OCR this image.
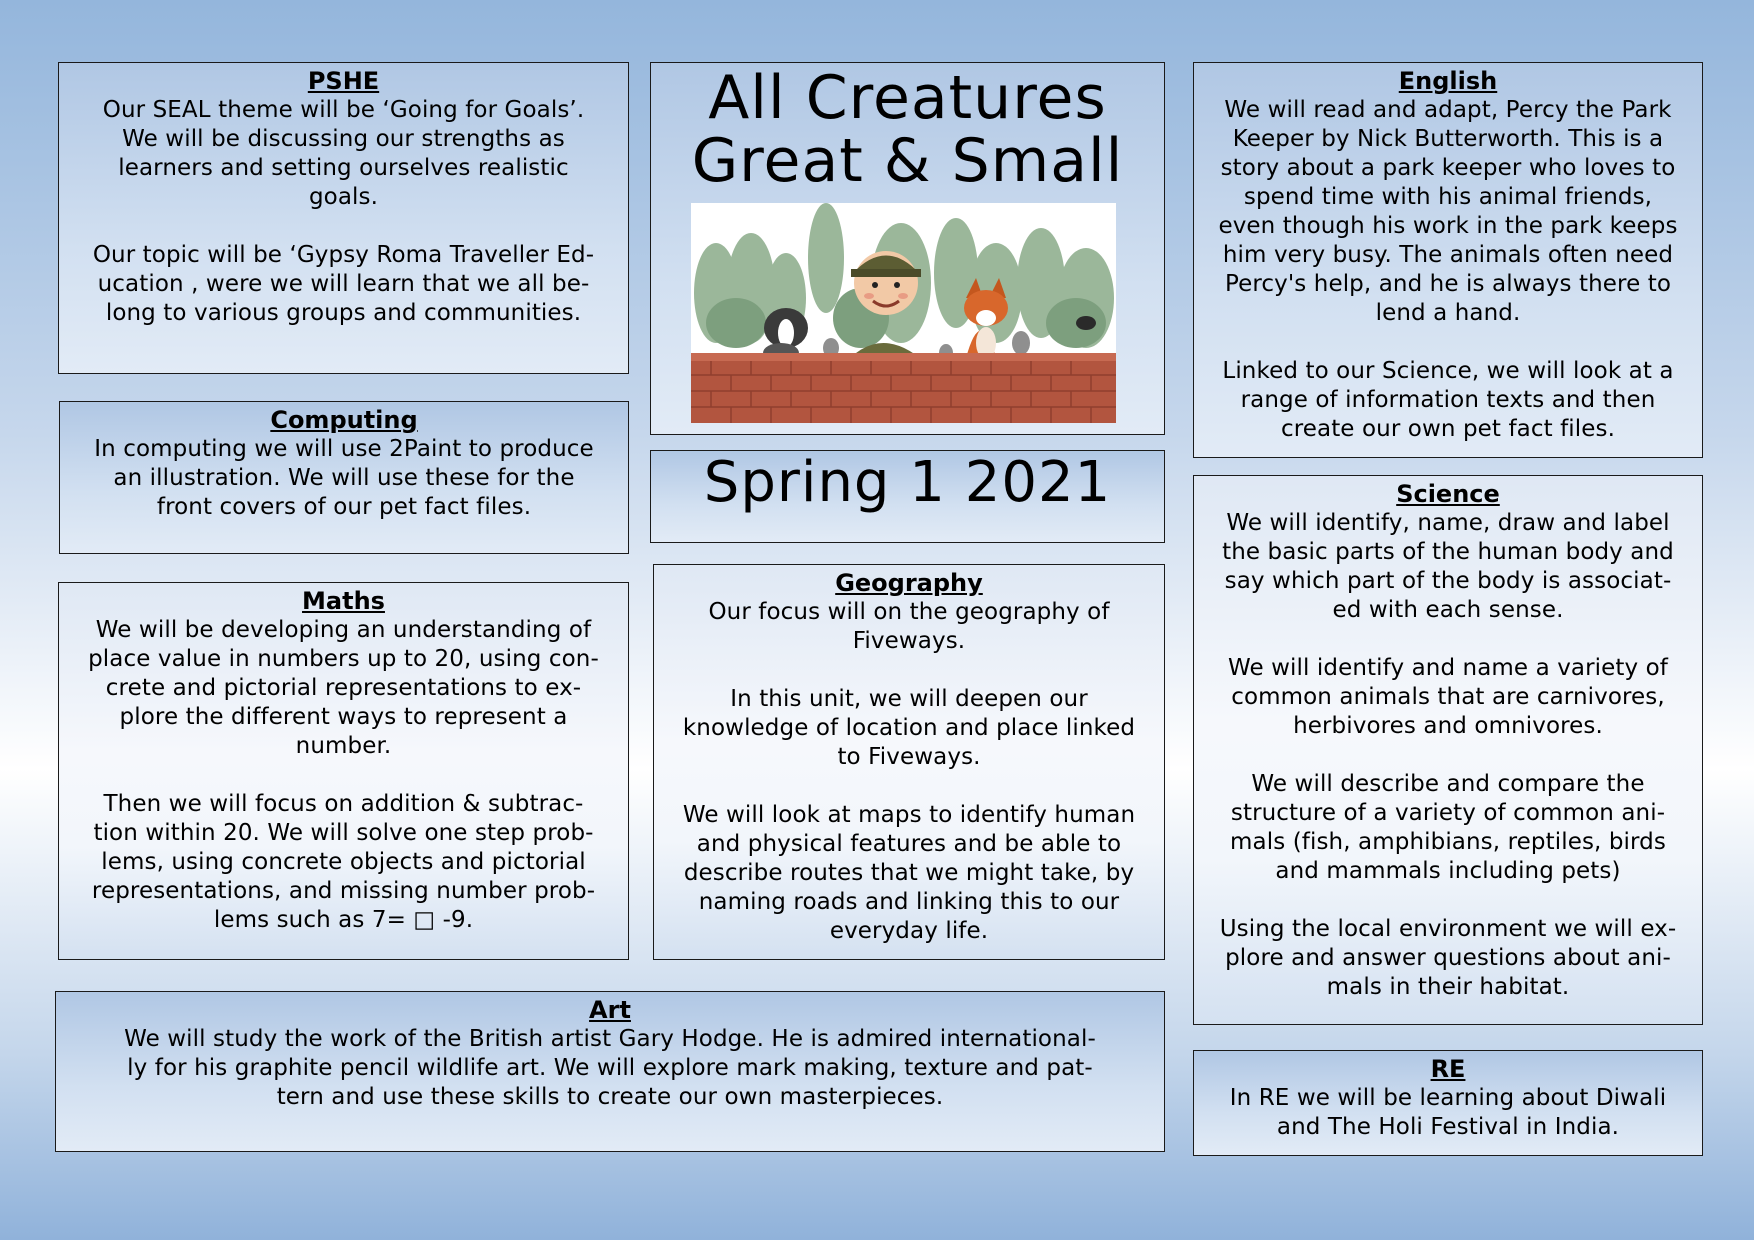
PSHE
Our SEAL theme will be ‘Going for Goals’.
We will be discussing our strengths as
learners and setting ourselves realistic
goals.

Our topic will be ‘Gypsy Roma Traveller Ed-
ucation , were we will learn that we all be-
long to various groups and communities.
Computing
In computing we will use 2Paint to produce
an illustration. We will use these for the
front covers of our pet fact files.
Maths
We will be developing an understanding of
place value in numbers up to 20, using con-
crete and pictorial representations to ex-
plore the different ways to represent a
number.

Then we will focus on addition & subtrac-
tion within 20. We will solve one step prob-
lems, using concrete objects and pictorial
representations, and missing number prob-
lems such as 7= □ -9.
All Creatures
Great & Small
Spring 1 2021
Geography
Our focus will on the geography of
Fiveways.

In this unit, we will deepen our
knowledge of location and place linked
to Fiveways.

We will look at maps to identify human
and physical features and be able to
describe routes that we might take, by
naming roads and linking this to our
everyday life.
Art
We will study the work of the British artist Gary Hodge. He is admired international-
ly for his graphite pencil wildlife art. We will explore mark making, texture and pat-
tern and use these skills to create our own masterpieces.
English
We will read and adapt, Percy the Park
Keeper by Nick Butterworth. This is a
story about a park keeper who loves to
spend time with his animal friends,
even though his work in the park keeps
him very busy. The animals often need
Percy's help, and he is always there to
lend a hand.

Linked to our Science, we will look at a
range of information texts and then
create our own pet fact files.
Science
We will identify, name, draw and label
the basic parts of the human body and
say which part of the body is associat-
ed with each sense.

We will identify and name a variety of
common animals that are carnivores,
herbivores and omnivores.

We will describe and compare the
structure of a variety of common ani-
mals (fish, amphibians, reptiles, birds
and mammals including pets)

Using the local environment we will ex-
plore and answer questions about ani-
mals in their habitat.
RE
In RE we will be learning about Diwali
and The Holi Festival in India.
